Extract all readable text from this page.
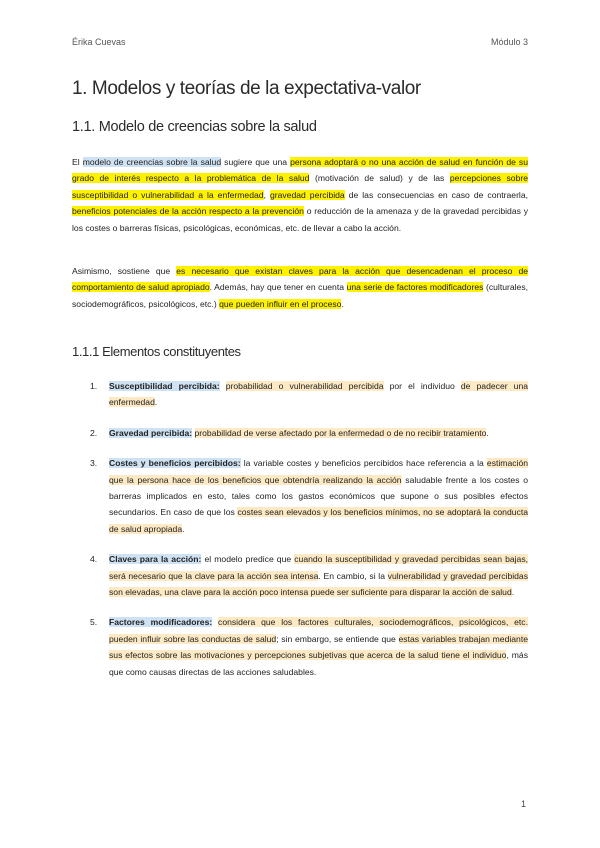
Érika Cuevas	Módulo 3
1. Modelos y teorías de la expectativa-valor
1.1. Modelo de creencias sobre la salud

El modelo de creencias sobre la salud sugiere que una persona adoptará o no una acción de salud en función de su grado de interés respecto a la problemática de la salud (motivación de salud) y de las percepciones sobre susceptibilidad o vulnerabilidad a la enfermedad, gravedad percibida de las consecuencias en caso de contraerla, beneficios potenciales de la acción respecto a la prevención o reducción de la amenaza y de la gravedad percibidas y los costes o barreras físicas, psicológicas, económicas, etc. de llevar a cabo la acción.

Asimismo, sostiene que es necesario que existan claves para la acción que desencadenan el proceso de comportamiento de salud apropiado. Además, hay que tener en cuenta una serie de factores modificadores (culturales, sociodemográficos, psicológicos, etc.) que pueden influir en el proceso.

1.1.1 Elementos constituyentes
1. Susceptibilidad percibida: probabilidad o vulnerabilidad percibida por el individuo de padecer una enfermedad.
2. Gravedad percibida: probabilidad de verse afectado por la enfermedad o de no recibir tratamiento.
3. Costes y beneficios percibidos: la variable costes y beneficios percibidos hace referencia a la estimación que la persona hace de los beneficios que obtendría realizando la acción saludable frente a los costes o barreras implicados en esto, tales como los gastos económicos que supone o sus posibles efectos secundarios. En caso de que los costes sean elevados y los beneficios mínimos, no se adoptará la conducta de salud apropiada.
4. Claves para la acción: el modelo predice que cuando la susceptibilidad y gravedad percibidas sean bajas, será necesario que la clave para la acción sea intensa. En cambio, si la vulnerabilidad y gravedad percibidas son elevadas, una clave para la acción poco intensa puede ser suficiente para disparar la acción de salud.
5. Factores modificadores: considera que los factores culturales, sociodemográficos, psicológicos, etc. pueden influir sobre las conductas de salud; sin embargo, se entiende que estas variables trabajan mediante sus efectos sobre las motivaciones y percepciones subjetivas que acerca de la salud tiene el individuo, más que como causas directas de las acciones saludables.
1
